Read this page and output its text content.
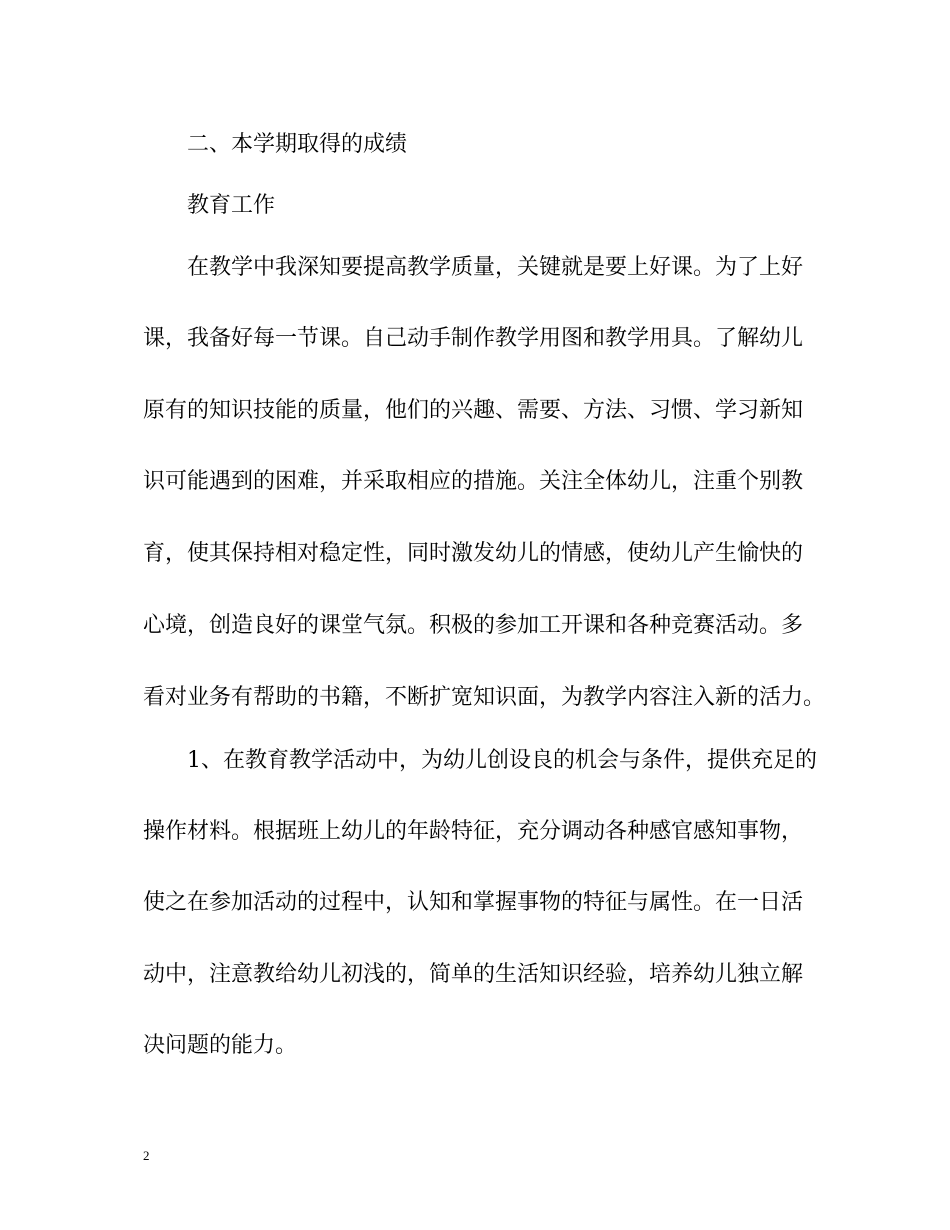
二、本学期取得的成绩
教育工作
在教学中我深知要提高教学质量，关键就是要上好课。为了上好
课，我备好每一节课。自己动手制作教学用图和教学用具。了解幼儿
原有的知识技能的质量，他们的兴趣、需要、方法、习惯、学习新知
识可能遇到的困难，并采取相应的措施。关注全体幼儿，注重个别教
育，使其保持相对稳定性，同时激发幼儿的情感，使幼儿产生愉快的
心境，创造良好的课堂气氛。积极的参加工开课和各种竞赛活动。多
看对业务有帮助的书籍，不断扩宽知识面，为教学内容注入新的活力。
1、在教育教学活动中，为幼儿创设良的机会与条件，提供充足的
操作材料。根据班上幼儿的年龄特征，充分调动各种感官感知事物，
使之在参加活动的过程中，认知和掌握事物的特征与属性。在一日活
动中，注意教给幼儿初浅的，简单的生活知识经验，培养幼儿独立解
决问题的能力。
2
